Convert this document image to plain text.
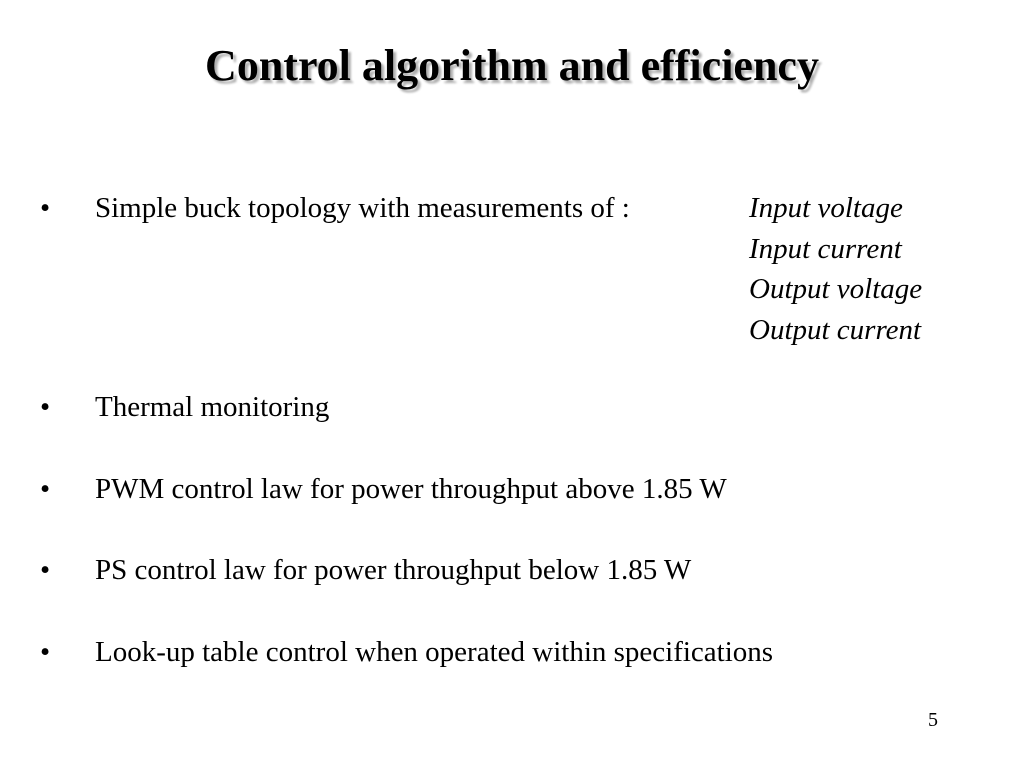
Control algorithm and efficiency
•	Simple buck topology with measurements of :	Input voltage
Input current
Output voltage
Output current
•	Thermal monitoring
•	PWM control law for power throughput above 1.85 W
•	PS control law for power throughput below 1.85 W
•	Look-up table control when operated within specifications
5
